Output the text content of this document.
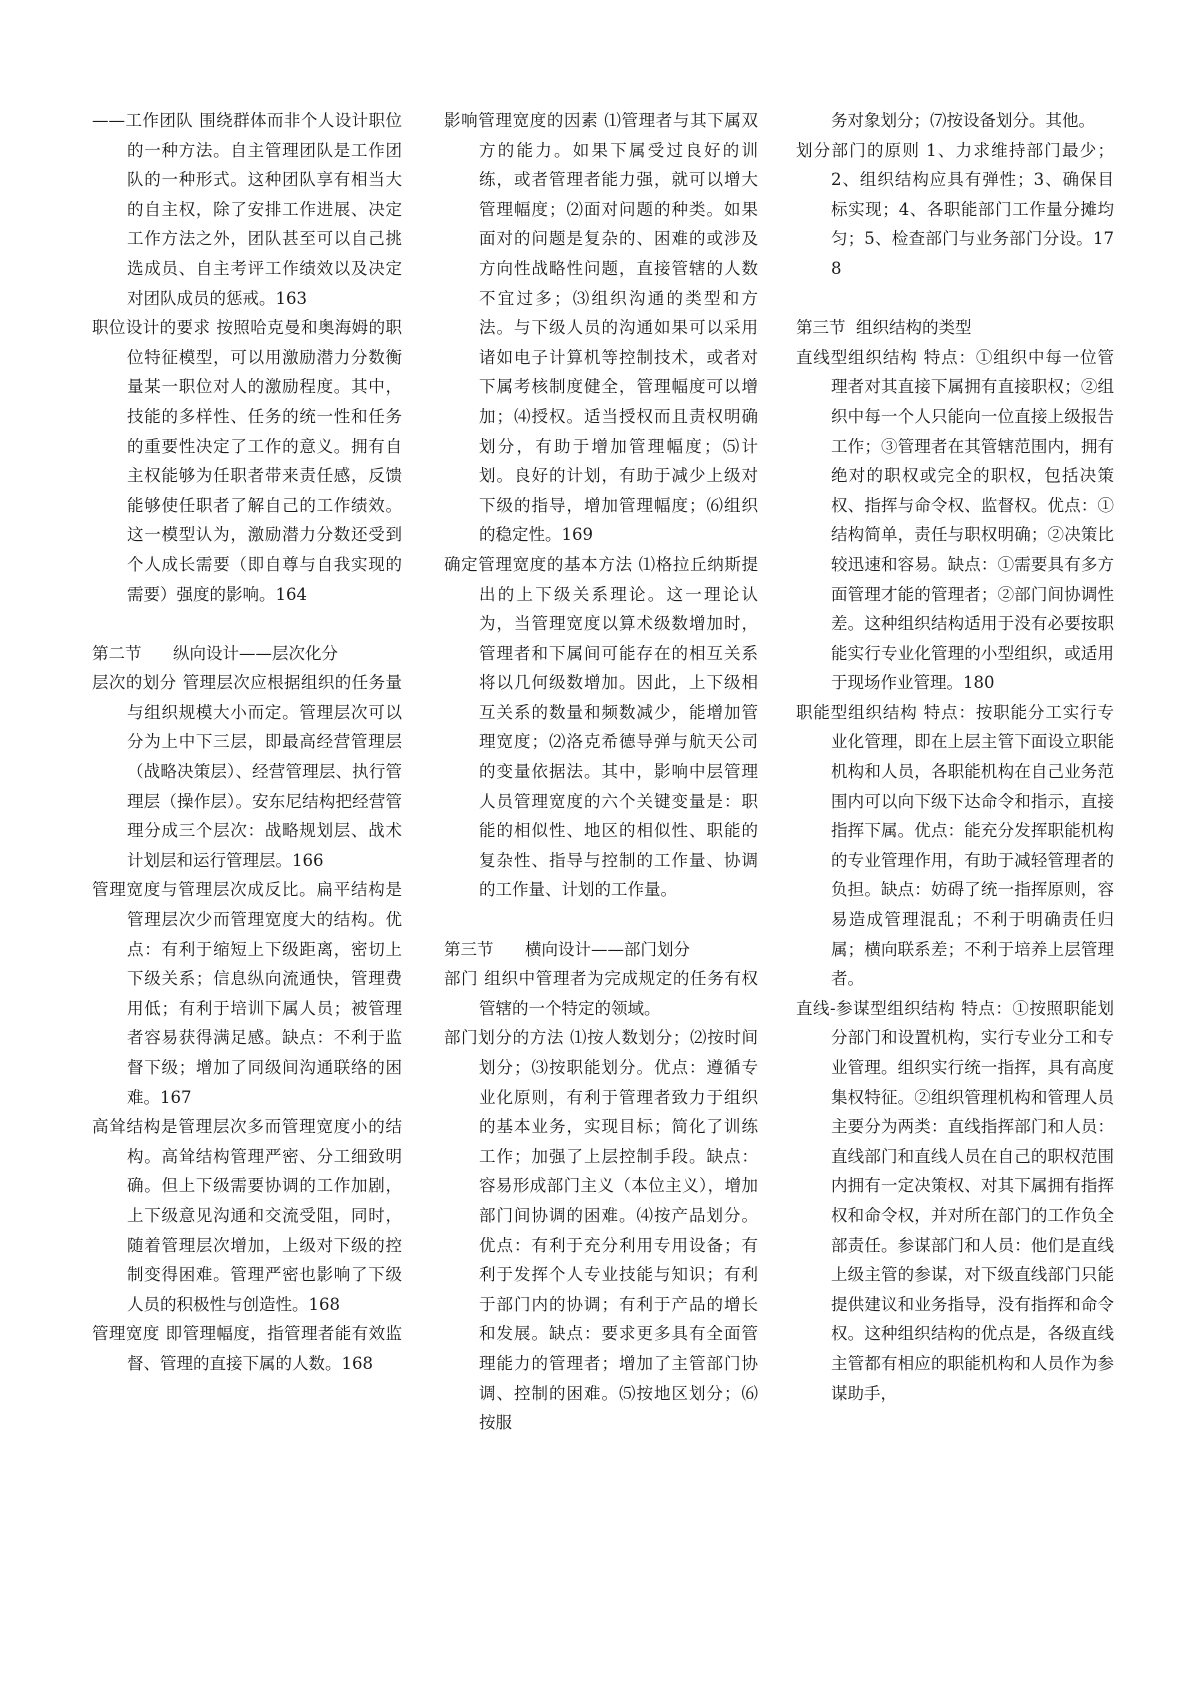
——工作团队 围绕群体而非个人设计职位的一种方法。自主管理团队是工作团队的一种形式。这种团队享有相当大的自主权，除了安排工作进展、决定工作方法之外，团队甚至可以自己挑选成员、自主考评工作绩效以及决定对团队成员的惩戒。163

职位设计的要求 按照哈克曼和奥海姆的职位特征模型，可以用激励潜力分数衡量某一职位对人的激励程度。其中，技能的多样性、任务的统一性和任务的重要性决定了工作的意义。拥有自主权能够为任职者带来责任感，反馈能够使任职者了解自己的工作绩效。这一模型认为，激励潜力分数还受到个人成长需要（即自尊与自我实现的需要）强度的影响。164

第二节      纵向设计——层次化分

层次的划分 管理层次应根据组织的任务量与组织规模大小而定。管理层次可以分为上中下三层，即最高经营管理层（战略决策层）、经营管理层、执行管理层（操作层）。安东尼结构把经营管理分成三个层次：战略规划层、战术计划层和运行管理层。166

管理宽度与管理层次成反比。扁平结构是管理层次少而管理宽度大的结构。优点：有利于缩短上下级距离，密切上下级关系；信息纵向流通快，管理费用低；有利于培训下属人员；被管理者容易获得满足感。缺点：不利于监督下级；增加了同级间沟通联络的困难。167

高耸结构是管理层次多而管理宽度小的结构。高耸结构管理严密、分工细致明确。但上下级需要协调的工作加剧，上下级意见沟通和交流受阻，同时，随着管理层次增加，上级对下级的控制变得困难。管理严密也影响了下级人员的积极性与创造性。168

管理宽度 即管理幅度，指管理者能有效监督、管理的直接下属的人数。168

影响管理宽度的因素 ⑴管理者与其下属双方的能力。如果下属受过良好的训练，或者管理者能力强，就可以增大管理幅度；⑵面对问题的种类。如果面对的问题是复杂的、困难的或涉及方向性战略性问题，直接管辖的人数不宜过多；⑶组织沟通的类型和方法。与下级人员的沟通如果可以采用诸如电子计算机等控制技术，或者对下属考核制度健全，管理幅度可以增加；⑷授权。适当授权而且责权明确划分，有助于增加管理幅度；⑸计划。良好的计划，有助于减少上级对下级的指导，增加管理幅度；⑹组织的稳定性。169

确定管理宽度的基本方法 ⑴格拉丘纳斯提出的上下级关系理论。这一理论认为，当管理宽度以算术级数增加时，管理者和下属间可能存在的相互关系将以几何级数增加。因此，上下级相互关系的数量和频数减少，能增加管理宽度；⑵洛克希德导弹与航天公司的变量依据法。其中，影响中层管理人员管理宽度的六个关键变量是：职能的相似性、地区的相似性、职能的复杂性、指导与控制的工作量、协调的工作量、计划的工作量。

第三节      横向设计——部门划分

部门 组织中管理者为完成规定的任务有权管辖的一个特定的领域。

部门划分的方法 ⑴按人数划分；⑵按时间划分；⑶按职能划分。优点：遵循专业化原则，有利于管理者致力于组织的基本业务，实现目标；简化了训练工作；加强了上层控制手段。缺点：容易形成部门主义（本位主义），增加部门间协调的困难。⑷按产品划分。优点：有利于充分利用专用设备；有利于发挥个人专业技能与知识；有利于部门内的协调；有利于产品的增长和发展。缺点：要求更多具有全面管理能力的管理者；增加了主管部门协调、控制的困难。⑸按地区划分；⑹按服

务对象划分；⑺按设备划分。其他。

划分部门的原则 1、力求维持部门最少；2、组织结构应具有弹性；3、确保目标实现；4、各职能部门工作量分摊均匀；5、检查部门与业务部门分设。178

第三节  组织结构的类型

直线型组织结构 特点：①组织中每一位管理者对其直接下属拥有直接职权；②组织中每一个人只能向一位直接上级报告工作；③管理者在其管辖范围内，拥有绝对的职权或完全的职权，包括决策权、指挥与命令权、监督权。优点：①结构简单，责任与职权明确；②决策比较迅速和容易。缺点：①需要具有多方面管理才能的管理者；②部门间协调性差。这种组织结构适用于没有必要按职能实行专业化管理的小型组织，或适用于现场作业管理。180

职能型组织结构 特点：按职能分工实行专业化管理，即在上层主管下面设立职能机构和人员，各职能机构在自己业务范围内可以向下级下达命令和指示，直接指挥下属。优点：能充分发挥职能机构的专业管理作用，有助于减轻管理者的负担。缺点：妨碍了统一指挥原则，容易造成管理混乱；不利于明确责任归属；横向联系差；不利于培养上层管理者。

直线-参谋型组织结构 特点：①按照职能划分部门和设置机构，实行专业分工和专业管理。组织实行统一指挥，具有高度集权特征。②组织管理机构和管理人员主要分为两类：直线指挥部门和人员：直线部门和直线人员在自己的职权范围内拥有一定决策权、对其下属拥有指挥权和命令权，并对所在部门的工作负全部责任。参谋部门和人员：他们是直线上级主管的参谋，对下级直线部门只能提供建议和业务指导，没有指挥和命令权。这种组织结构的优点是，各级直线主管都有相应的职能机构和人员作为参谋助手，
